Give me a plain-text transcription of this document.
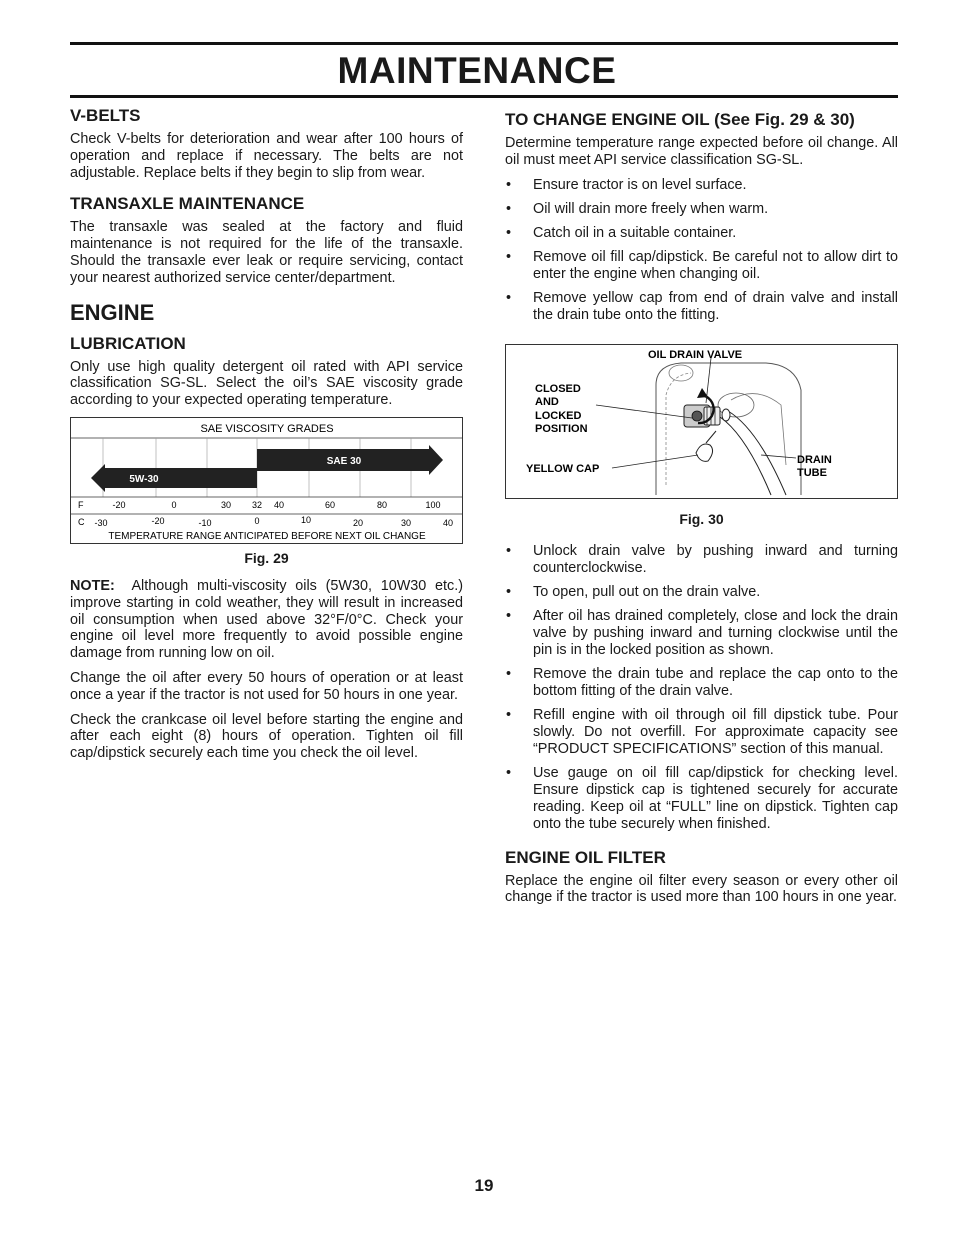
MAINTENANCE
V-BELTS

Check V-belts for deterioration and wear after 100 hours of operation and replace if necessary. The belts are not adjustable. Replace belts if they begin to slip from wear.

TRANSAXLE MAINTENANCE

The transaxle was sealed at the factory and fluid maintenance is not required for the life of the transaxle. Should the transaxle ever leak or require servicing, contact your nearest authorized service center/department.

ENGINE
LUBRICATION

Only use high quality detergent oil rated with API service classification SG-SL. Select the oil’s SAE viscosity grade according to your expected operating temperature.

SAE VISCOSITY GRADES
5W-30
SAE 30
F	-20	0	30 32 40	60	80	100
C -30	-20	-10	0	10	20	30	40
TEMPERATURE RANGE ANTICIPATED BEFORE NEXT OIL CHANGE
Fig. 29

NOTE: Although multi-viscosity oils (5W30, 10W30 etc.) improve starting in cold weather, they will result in increased oil consumption when used above 32°F/0°C. Check your engine oil level more frequently to avoid possible engine damage from running low on oil.

Change the oil after every 50 hours of operation or at least once a year if the tractor is not used for 50 hours in one year.

Check the crankcase oil level before starting the engine and after each eight (8) hours of operation. Tighten oil fill cap/dipstick securely each time you check the oil level.

TO CHANGE ENGINE OIL (See Fig. 29 & 30)

Determine temperature range expected before oil change. All oil must meet API service classification SG-SL.

• Ensure tractor is on level surface.
• Oil will drain more freely when warm.
• Catch oil in a suitable container.
• Remove oil fill cap/dipstick. Be careful not to allow dirt to enter the engine when changing oil.
• Remove yellow cap from end of drain valve and install the drain tube onto the fitting.
OIL DRAIN VALVE
CLOSED
AND
LOCKED
POSITION
YELLOW CAP
DRAIN
TUBE
Fig. 30
• Unlock drain valve by pushing inward and turning counterclockwise.
• To open, pull out on the drain valve.
• After oil has drained completely, close and lock the drain valve by pushing inward and turning clockwise until the pin is in the locked position as shown.
• Remove the drain tube and replace the cap onto to the bottom fitting of the drain valve.
• Refill engine with oil through oil fill dipstick tube. Pour slowly. Do not overfill. For approximate capacity see “PRODUCT SPECIFICATIONS” section of this manual.
• Use gauge on oil fill cap/dipstick for checking level. Ensure dipstick cap is tightened securely for accurate reading. Keep oil at “FULL” line on dipstick. Tighten cap onto the tube securely when finished.
ENGINE OIL FILTER

Replace the engine oil filter every season or every other oil change if the tractor is used more than 100 hours in one year.

19
